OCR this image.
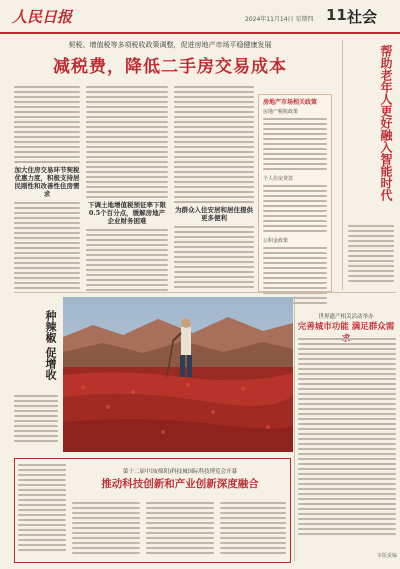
人民日报	2024年11月14日 星期四 11 社会
契税、增值税等多项税收政策调整，促进房地产市场平稳健康发展
减税费，降低二手房交易成本

加大住房交易环节契税优惠力度，积极支持居民刚性和改善性住房需求

下调土地增值税预征率下限0.5个百分点，缓解房地产企业财务困难

为群众入住安居和居住提供更多便利

房地产市场相关政策
房地产税收政策
个人住房贷款
公积金政策
帮助老年人更好融入智能时代
种辣椒 促增收	世界遗产相关活动举办
完善城市功能 满足群众需
第十二届中国(绵阳)科技城国际科技博览会开幕
推动科技创新和产业创新深度融合
本版责编
